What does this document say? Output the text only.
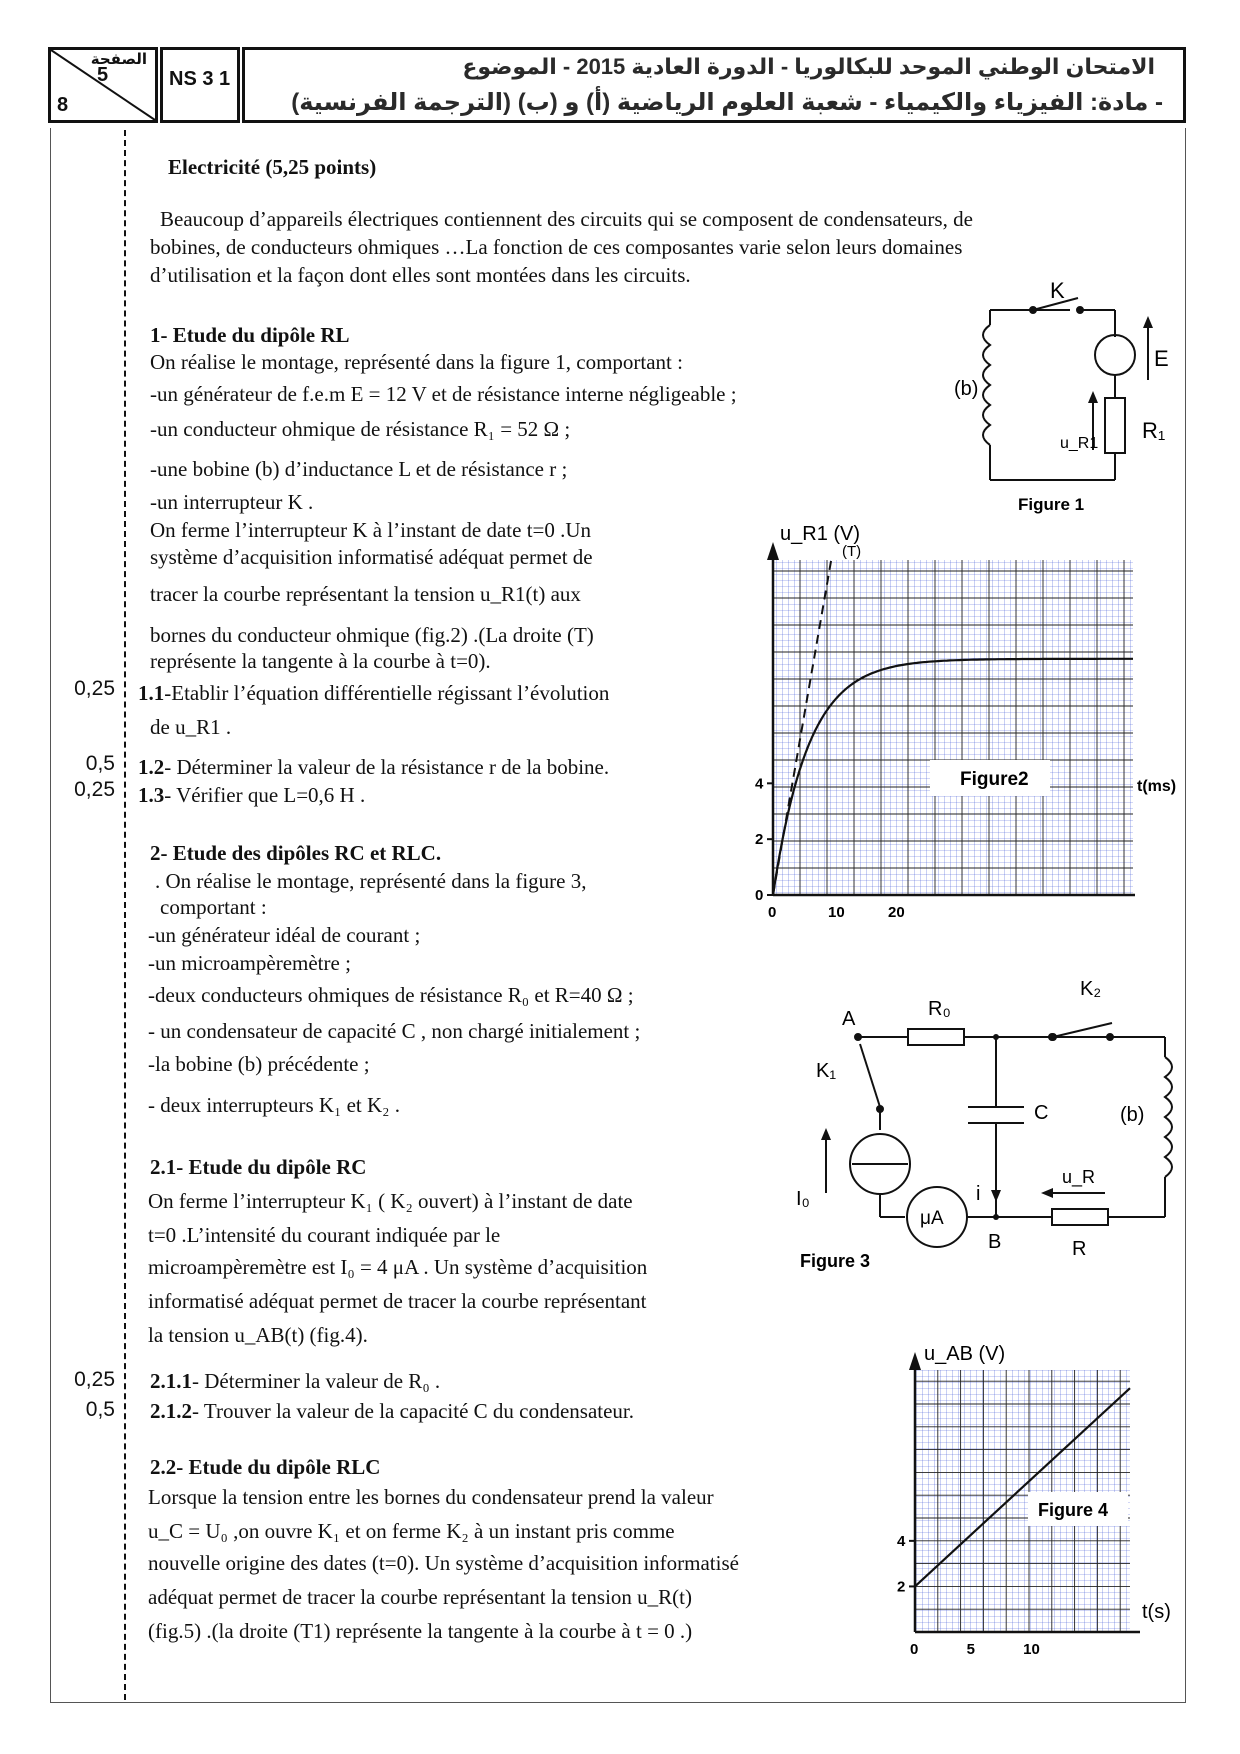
الصفحة
5
8
NS 3 1	الامتحان الوطني الموحد للبكالوريا - الدورة العادية 2015 - الموضوع
- مادة: الفيزياء والكيمياء - شعبة العلوم الرياضية (أ) و (ب) (الترجمة الفرنسية)
Electricité (5,25 points)
Beaucoup d’appareils électriques contiennent des circuits qui se composent de condensateurs, de
bobines, de conducteurs ohmiques …La fonction de ces composantes varie selon leurs domaines
d’utilisation et la façon dont elles sont montées dans les circuits.
1- Etude du dipôle RL
On réalise le montage, représenté dans la figure 1, comportant :
-un générateur de f.e.m E = 12 V et de résistance interne négligeable ;
-un conducteur ohmique de résistance R₁ = 52 Ω ;
-une bobine (b) d’inductance L et de résistance r ;
-un interrupteur K .
On ferme l’interrupteur K à l’instant de date t=0 .Un
système d’acquisition informatisé adéquat permet de
tracer la courbe représentant la tension u_R1(t) aux
bornes du conducteur ohmique (fig.2) .(La droite (T)
représente la tangente à la courbe à t=0).
0,25 1.1-Etablir l’équation différentielle régissant l’évolution
de u_R1 .
0,5 1.2- Déterminer la valeur de la résistance r de la bobine.
0,25 1.3- Vérifier que L=0,6 H .
2- Etude des dipôles RC et RLC.
. On réalise le montage, représenté dans la figure 3,
comportant :
-un générateur idéal de courant ;
-un microampèremètre ;
-deux conducteurs ohmiques de résistance R₀ et R=40 Ω ;
- un condensateur de capacité C , non chargé initialement ;
-la bobine (b) précédente ;
- deux interrupteurs K₁ et K₂ .
2.1- Etude du dipôle RC
On ferme l’interrupteur K₁ ( K₂ ouvert) à l’instant de date
t=0 .L’intensité du courant indiquée par le
microampèremètre est I₀ = 4 μA . Un système d’acquisition
informatisé adéquat permet de tracer la courbe représentant
la tension u_AB(t) (fig.4).
0,25 2.1.1- Déterminer la valeur de R₀ .
0,5 2.1.2- Trouver la valeur de la capacité C du condensateur.
2.2- Etude du dipôle RLC
Lorsque la tension entre les bornes du condensateur prend la valeur
u_C = U₀ ,on ouvre K₁ et on ferme K₂ à un instant pris comme
nouvelle origine des dates (t=0). Un système d’acquisition informatisé
adéquat permet de tracer la courbe représentant la tension u_R(t)
(fig.5) .(la droite (T1) représente la tangente à la courbe à t = 0 .)
K
E
(b)
R₁
u_R1
Figure 1
0	10	20
0
2
4
u_R1 (V)
(T)
t(ms)
Figure2
A	R₀
K₂
K₁
C	(b)
I₀	i
u_R
μA
B	R
Figure 3
0	5	10
2
4
u_AB (V)
t(s)
Figure 4
